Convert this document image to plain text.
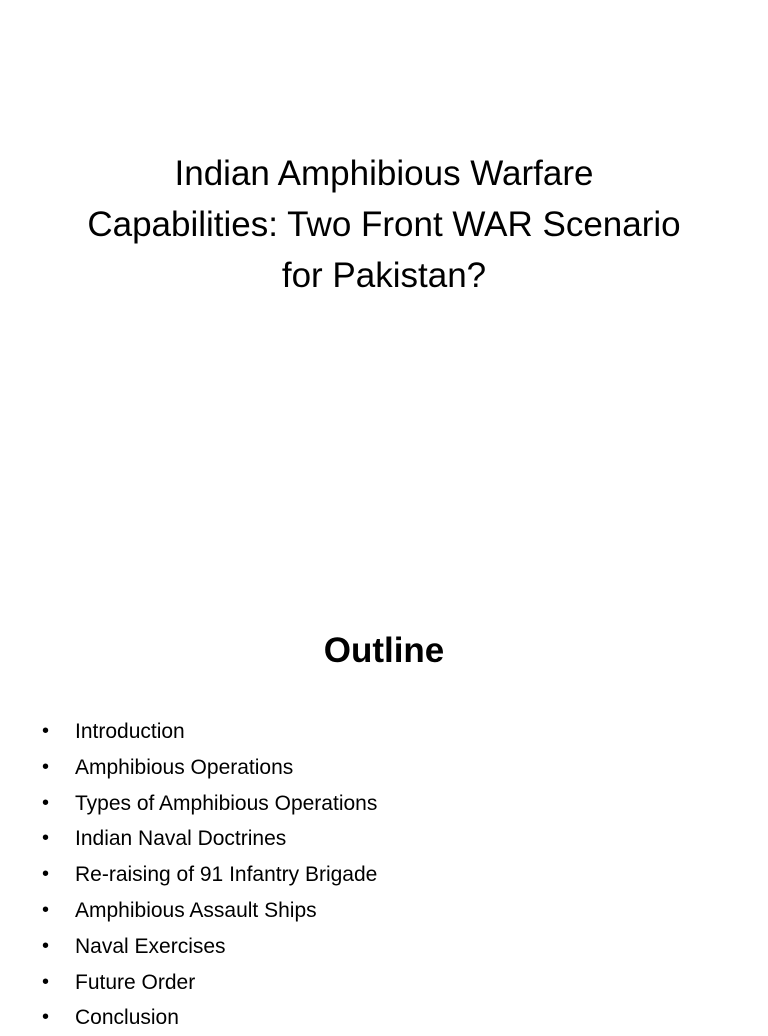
Indian Amphibious Warfare Capabilities: Two Front WAR Scenario for Pakistan?
Outline
• Introduction
• Amphibious Operations
• Types of Amphibious Operations
• Indian Naval Doctrines
• Re-raising of 91 Infantry Brigade
• Amphibious Assault Ships
• Naval Exercises
• Future Order
• Conclusion
